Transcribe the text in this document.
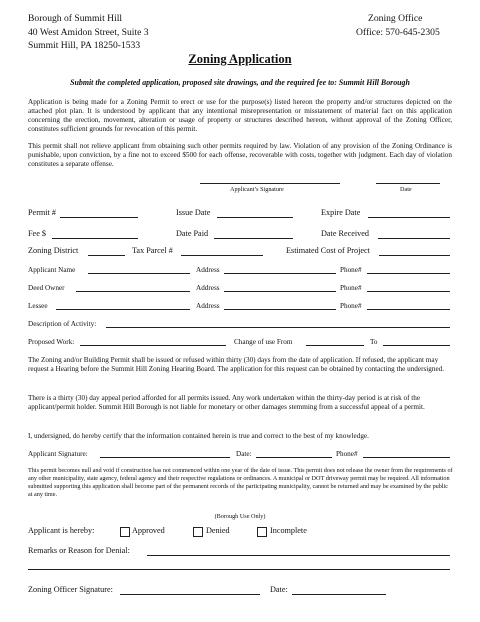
Borough of Summit Hill
40 West Amidon Street, Suite 3
Summit Hill, PA 18250-1533
Zoning Office
Office: 570-645-2305
Zoning Application
Submit the completed application, proposed site drawings, and the required fee to: Summit Hill Borough
Application is being made for a Zoning Permit to erect or use for the purpose(s) listed hereon the property and/or structures depicted on the attached plot plan. It is understood by applicant that any intentional misrepresentation or misstatement of material fact on this application concerning the erection, movement, alteration or usage of property or structures described hereon, without approval of the Zoning Officer, constitutes sufficient grounds for revocation of this permit.
This permit shall not relieve applicant from obtaining such other permits required by law. Violation of any provision of the Zoning Ordinance is punishable, upon conviction, by a fine not to exceed $500 for each offense, recoverable with costs, together with judgment. Each day of violation constitutes a separate offense.
Applicant’s Signature	Date
Permit #	Issue Date	Expire Date
Fee $	Date Paid	Date Received
Zoning District	Tax Parcel #	Estimated Cost of Project
Applicant Name	Address	Phone#
Deed Owner	Address	Phone#
Lessee	Address	Phone#
Description of Activity:
Proposed Work:	Change of use From	To
The Zoning and/or Building Permit shall be issued or refused within thirty (30) days from the date of application. If refused, the applicant may request a Hearing before the Summit Hill Zoning Hearing Board. The application for this request can be obtained by contacting the undersigned.
There is a thirty (30) day appeal period afforded for all permits issued. Any work undertaken within the thirty-day period is at risk of the applicant/permit holder. Summit Hill Borough is not liable for monetary or other damages stemming from a successful appeal of a permit.
I, undersigned, do hereby certify that the information contained herein is true and correct to the best of my knowledge.
Applicant Signature:	Date:	Phone#
This permit becomes null and void if construction has not commenced within one year of the date of issue. This permit does not release the owner from the requirements of any other municipality, state agency, federal agency and their respective regulations or ordinances. A municipal or DOT driveway permit may be required. All information submitted supporting this application shall become part of the permanent records of the participating municipality, cannot be returned and may be examined by the public at any time.
(Borough Use Only)
Applicant is hereby:	Approved	Denied	Incomplete
Remarks or Reason for Denial:
Zoning Officer Signature:	Date:
